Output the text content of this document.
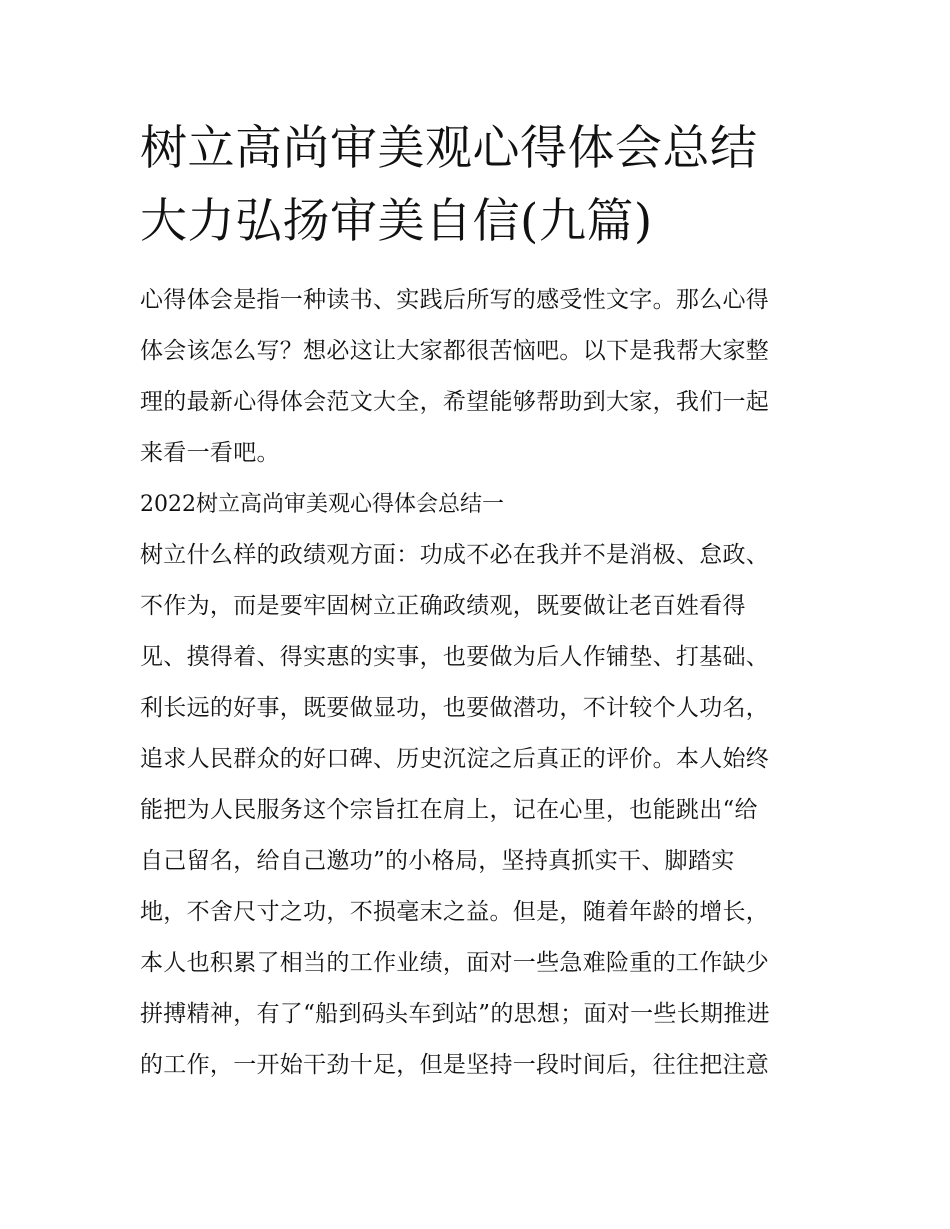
树立高尚审美观心得体会总结
大力弘扬审美自信(九篇)
心得体会是指一种读书、实践后所写的感受性文字。那么心得
体会该怎么写？想必这让大家都很苦恼吧。以下是我帮大家整
理的最新心得体会范文大全，希望能够帮助到大家，我们一起
来看一看吧。
2022树立高尚审美观心得体会总结一
树立什么样的政绩观方面：功成不必在我并不是消极、怠政、
不作为，而是要牢固树立正确政绩观，既要做让老百姓看得
见、摸得着、得实惠的实事，也要做为后人作铺垫、打基础、
利长远的好事，既要做显功，也要做潜功，不计较个人功名，
追求人民群众的好口碑、历史沉淀之后真正的评价。本人始终
能把为人民服务这个宗旨扛在肩上，记在心里，也能跳出“给
自己留名，给自己邀功”的小格局，坚持真抓实干、脚踏实
地，不舍尺寸之功，不损毫末之益。但是，随着年龄的增长，
本人也积累了相当的工作业绩，面对一些急难险重的工作缺少
拼搏精神，有了“船到码头车到站”的思想；面对一些长期推进
的工作，一开始干劲十足，但是坚持一段时间后，往往把注意
